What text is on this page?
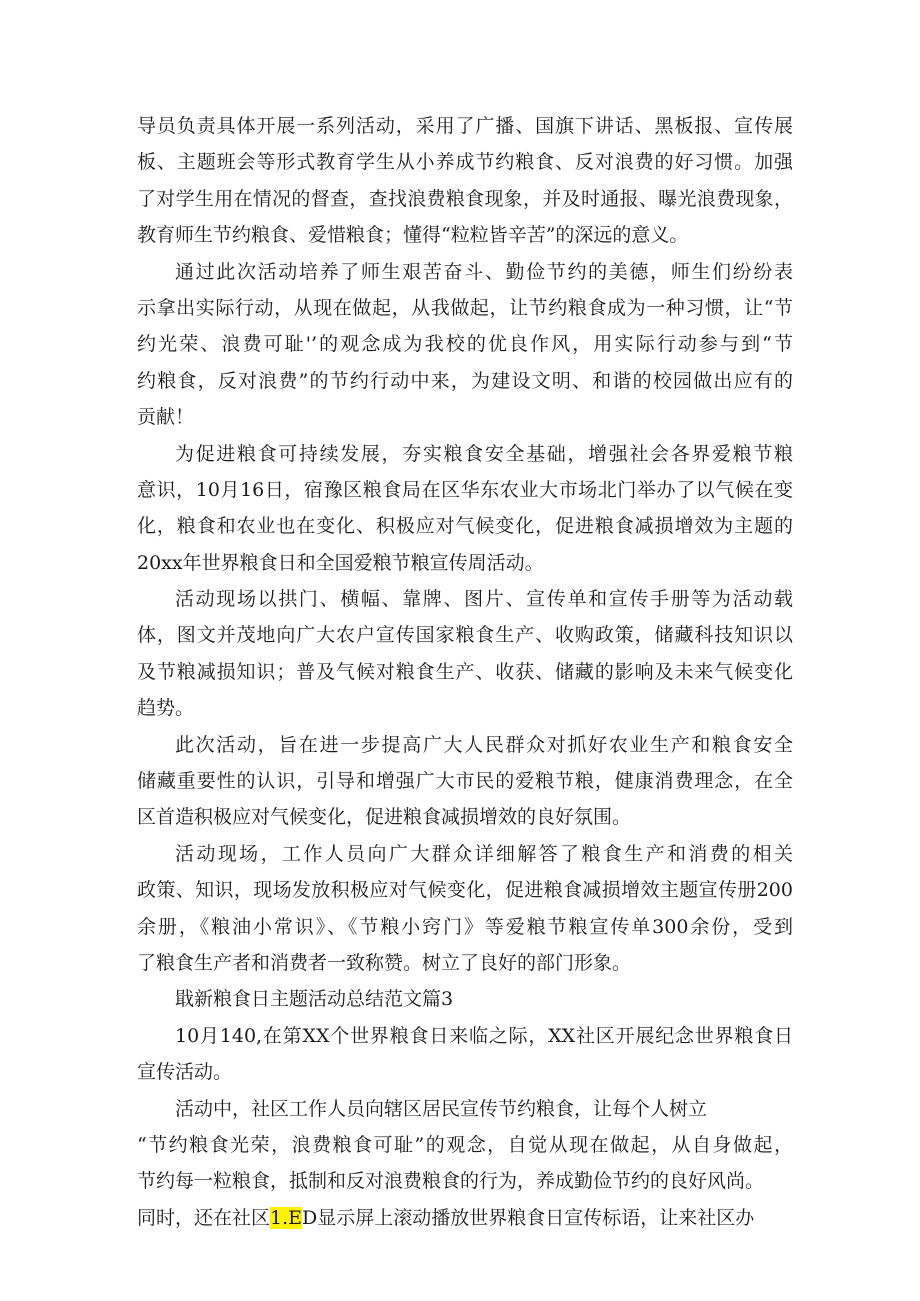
导员负责具体开展一系列活动，采用了广播、国旗下讲话、黑板报、宣传展
板、主题班会等形式教育学生从小养成节约粮食、反对浪费的好习惯。加强
了对学生用在情况的督查，查找浪费粮食现象，并及时通报、曝光浪费现象，
教育师生节约粮食、爱惜粮食；懂得“粒粒皆辛苦”的深远的意义。
通过此次活动培养了师生艰苦奋斗、勤俭节约的美德，师生们纷纷表
示拿出实际行动，从现在做起，从我做起，让节约粮食成为一种习惯，让“节
约光荣、浪费可耻'’的观念成为我校的优良作风，用实际行动参与到“节
约粮食，反对浪费”的节约行动中来，为建设文明、和谐的校园做出应有的
贡献！
为促进粮食可持续发展，夯实粮食安全基础，增强社会各界爱粮节粮
意识，10月16日，宿豫区粮食局在区华东农业大市场北门举办了以气候在变
化，粮食和农业也在变化、积极应对气候变化，促进粮食减损增效为主题的
20xx年世界粮食日和全国爱粮节粮宣传周活动。
活动现场以拱门、横幅、靠牌、图片、宣传单和宣传手册等为活动载
体，图文并茂地向广大农户宣传国家粮食生产、收购政策，储藏科技知识以
及节粮减损知识；普及气候对粮食生产、收获、储藏的影响及未来气候变化
趋势。
此次活动，旨在进一步提高广大人民群众对抓好农业生产和粮食安全
储藏重要性的认识，引导和增强广大市民的爱粮节粮，健康消费理念，在全
区首造积极应对气候变化，促进粮食减损增效的良好氛围。
活动现场，工作人员向广大群众详细解答了粮食生产和消费的相关
政策、知识，现场发放积极应对气候变化，促进粮食减损增效主题宣传册200
余册，《粮油小常识》、《节粮小窍门》等爱粮节粮宣传单300余份，受到
了粮食生产者和消费者一致称赞。树立了良好的部门形象。
戢新粮食日主题活动总结范文篇3
10月140,在第XX个世界粮食日来临之际，XX社区开展纪念世界粮食日
宣传活动。
活动中，社区工作人员向辖区居民宣传节约粮食，让每个人树立
“节约粮食光荣，浪费粮食可耻”的观念，自觉从现在做起，从自身做起，
节约每一粒粮食，抵制和反对浪费粮食的行为，养成勤俭节约的良好风尚。
同时，还在社区1.ED显示屏上滚动播放世界粮食日宣传标语，让来社区办
